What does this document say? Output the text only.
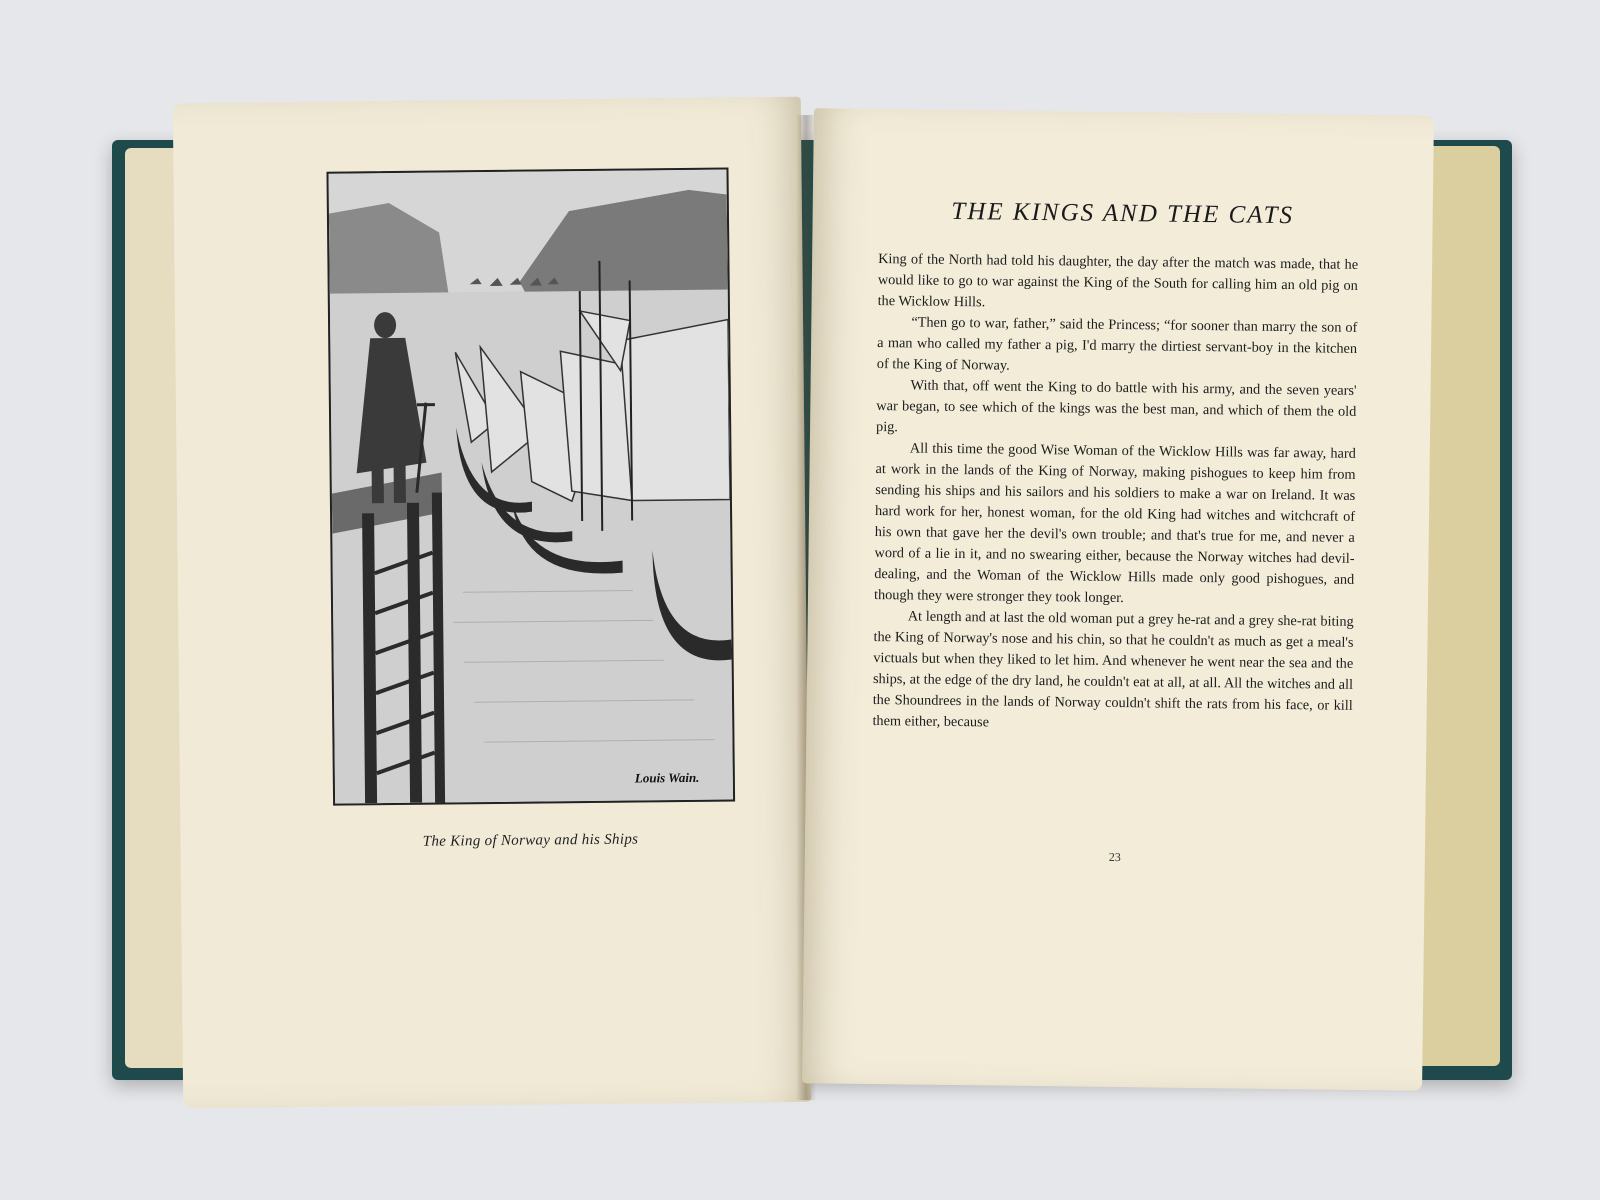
Louis Wain.
The King of Norway and his Ships
THE KINGS AND THE CATS

King of the North had told his daughter, the day after the match was made, that he would like to go to war against the King of the South for calling him an old pig on the Wicklow Hills.

“Then go to war, father,” said the Princess; “for sooner than marry the son of a man who called my father a pig, I'd marry the dirtiest servant-boy in the kitchen of the King of Norway.

With that, off went the King to do battle with his army, and the seven years' war began, to see which of the kings was the best man, and which of them the old pig.

All this time the good Wise Woman of the Wicklow Hills was far away, hard at work in the lands of the King of Norway, making pishogues to keep him from sending his ships and his sailors and his soldiers to make a war on Ireland. It was hard work for her, honest woman, for the old King had witches and witchcraft of his own that gave her the devil's own trouble; and that's true for me, and never a word of a lie in it, and no swearing either, because the Norway witches had devil-dealing, and the Woman of the Wicklow Hills made only good pishogues, and though they were stronger they took longer.

At length and at last the old woman put a grey he-rat and a grey she-rat biting the King of Norway's nose and his chin, so that he couldn't as much as get a meal's victuals but when they liked to let him. And whenever he went near the sea and the ships, at the edge of the dry land, he couldn't eat at all, at all. All the witches and all the Shoundrees in the lands of Norway couldn't shift the rats from his face, or kill them either, because

23
